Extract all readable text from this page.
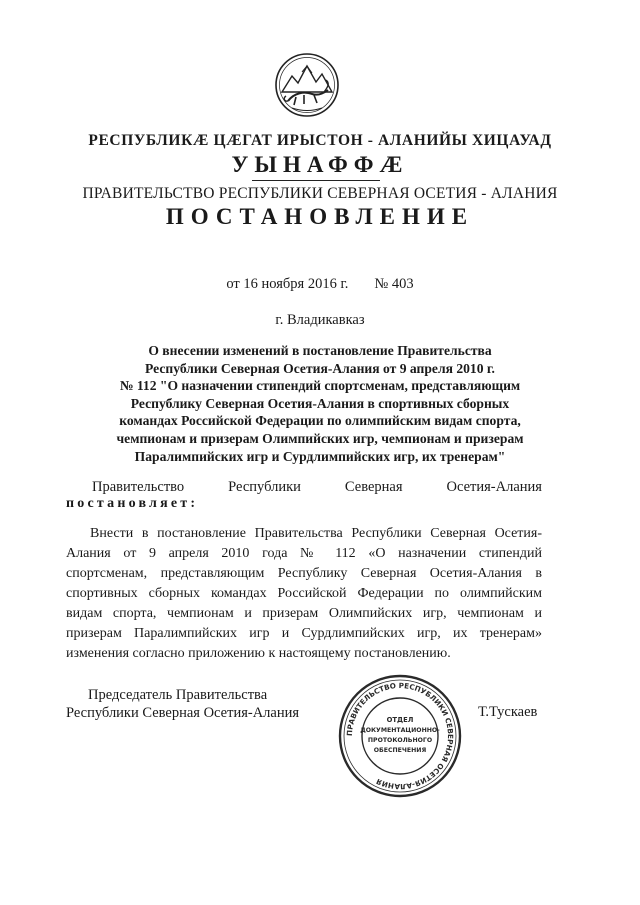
РЕСПУБЛИКӔ ЦӔГАТ ИРЫСТОН - АЛАНИЙЫ ХИЦАУАД
УЫНАФФӔ
ПРАВИТЕЛЬСТВО РЕСПУБЛИКИ СЕВЕРНАЯ ОСЕТИЯ - АЛАНИЯ
ПОСТАНОВЛЕНИЕ
от 16 ноября 2016 г. № 403
г. Владикавказ
О внесении изменений в постановление Правительства
Республики Северная Осетия-Алания от 9 апреля 2010 г.
№ 112 "О назначении стипендий спортсменам, представляющим
Республику Северная Осетия-Алания в спортивных сборных
командах Российской Федерации по олимпийским видам спорта,
чемпионам и призерам Олимпийских игр, чемпионам и призерам
Паралимпийских игр и Сурдлимпийских игр, их тренерам"
Правительство	Республики	Северная	Осетия-Алания
постановляет:
Внести в постановление Правительства Республики Северная Осетия-
Алания от 9 апреля 2010 года № 112 «О назначении стипендий
спортсменам, представляющим Республику Северная Осетия-Алания в
спортивных сборных командах Российской Федерации по олимпийским
видам спорта, чемпионам и призерам Олимпийских игр, чемпионам и
призерам Паралимпийских игр и Сурдлимпийских игр, их тренерам»
изменения согласно приложению к настоящему постановлению.
Председатель Правительства
Республики Северная Осетия-Алания
ПРАВИТЕЛЬСТВО РЕСПУБЛИКИ СЕВЕРНАЯ ОСЕТИЯ-АЛАНИЯ
ОТДЕЛ
ДОКУМЕНТАЦИОННО-
ПРОТОКОЛЬНОГО
ОБЕСПЕЧЕНИЯ
Т.Тускаев
